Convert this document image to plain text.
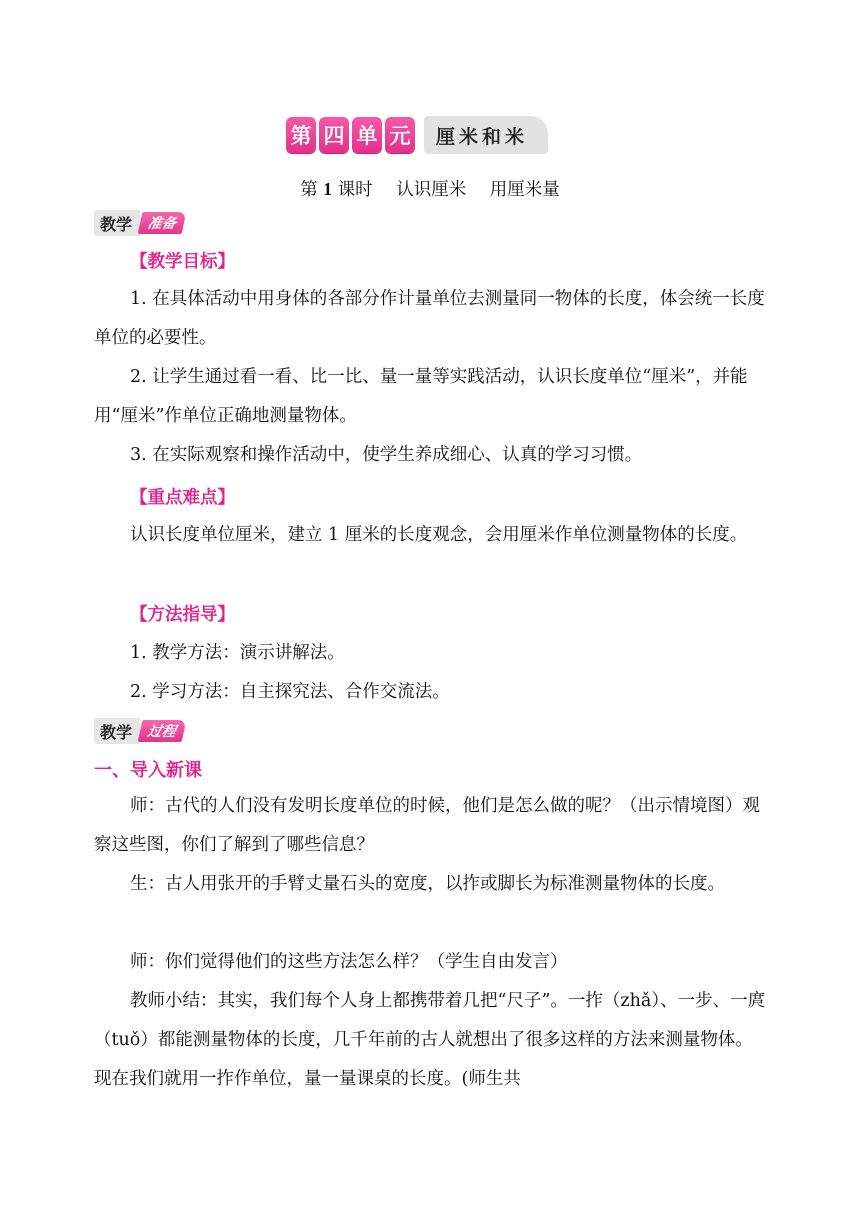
第 四 单 元	厘米和米
第 1 课时 认识厘米 用厘米量
教学	准备
【教学目标】

1. 在具体活动中用身体的各部分作计量单位去测量同一物体的长度，体会统一长度单位的必要性。

2. 让学生通过看一看、比一比、量一量等实践活动，认识长度单位“厘米”，并能用“厘米”作单位正确地测量物体。

3. 在实际观察和操作活动中，使学生养成细心、认真的学习习惯。

【重点难点】

认识长度单位厘米，建立 1 厘米的长度观念，会用厘米作单位测量物体的长度。

【方法指导】

1. 教学方法：演示讲解法。

2. 学习方法：自主探究法、合作交流法。

教学	过程
一、导入新课

师：古代的人们没有发明长度单位的时候，他们是怎么做的呢？（出示情境图）观察这些图，你们了解到了哪些信息？

生：古人用张开的手臂丈量石头的宽度，以拃或脚长为标准测量物体的长度。

师：你们觉得他们的这些方法怎么样？（学生自由发言）

教师小结：其实，我们每个人身上都携带着几把“尺子”。一拃（zhǎ）、一步、一庹（tuǒ）都能测量物体的长度，几千年前的古人就想出了很多这样的方法来测量物体。现在我们就用一拃作单位，量一量课桌的长度。(师生共
